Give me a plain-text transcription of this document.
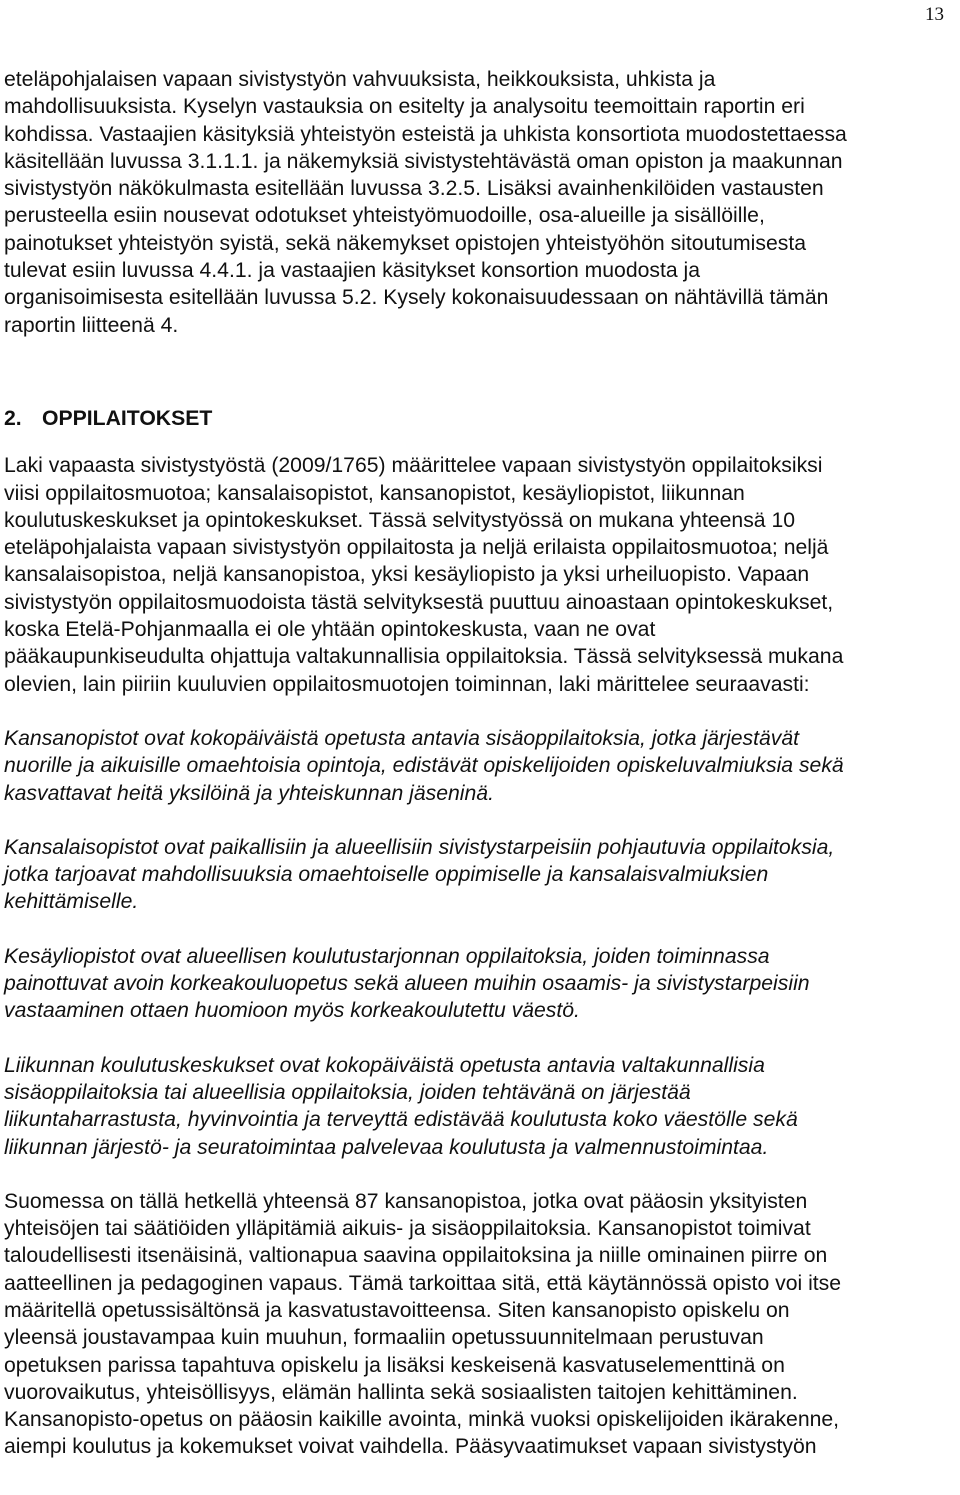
13

eteläpohjalaisen vapaan sivistystyön vahvuuksista, heikkouksista, uhkista ja
mahdollisuuksista. Kyselyn vastauksia on esitelty ja analysoitu teemoittain raportin eri
kohdissa. Vastaajien käsityksiä yhteistyön esteistä ja uhkista konsortiota muodostettaessa
käsitellään luvussa 3.1.1.1. ja näkemyksiä sivistystehtävästä oman opiston ja maakunnan
sivistystyön näkökulmasta esitellään luvussa 3.2.5. Lisäksi avainhenkilöiden vastausten
perusteella esiin nousevat odotukset yhteistyömuodoille, osa-alueille ja sisällöille,
painotukset yhteistyön syistä, sekä näkemykset opistojen yhteistyöhön sitoutumisesta
tulevat esiin luvussa 4.4.1. ja vastaajien käsitykset konsortion muodosta ja
organisoimisesta esitellään luvussa 5.2. Kysely kokonaisuudessaan on nähtävillä tämän
raportin liitteenä 4.

2. OPPILAITOKSET

Laki vapaasta sivistystyöstä (2009/1765) määrittelee vapaan sivistystyön oppilaitoksiksi
viisi oppilaitosmuotoa; kansalaisopistot, kansanopistot, kesäyliopistot, liikunnan
koulutuskeskukset ja opintokeskukset. Tässä selvitystyössä on mukana yhteensä 10
eteläpohjalaista vapaan sivistystyön oppilaitosta ja neljä erilaista oppilaitosmuotoa; neljä
kansalaisopistoa, neljä kansanopistoa, yksi kesäyliopisto ja yksi urheiluopisto. Vapaan
sivistystyön oppilaitosmuodoista tästä selvityksestä puuttuu ainoastaan opintokeskukset,
koska Etelä-Pohjanmaalla ei ole yhtään opintokeskusta, vaan ne ovat
pääkaupunkiseudulta ohjattuja valtakunnallisia oppilaitoksia. Tässä selvityksessä mukana
olevien, lain piiriin kuuluvien oppilaitosmuotojen toiminnan, laki märittelee seuraavasti:

Kansanopistot ovat kokopäiväistä opetusta antavia sisäoppilaitoksia, jotka järjestävät
nuorille ja aikuisille omaehtoisia opintoja, edistävät opiskelijoiden opiskeluvalmiuksia sekä
kasvattavat heitä yksilöinä ja yhteiskunnan jäseninä.

Kansalaisopistot ovat paikallisiin ja alueellisiin sivistystarpeisiin pohjautuvia oppilaitoksia,
jotka tarjoavat mahdollisuuksia omaehtoiselle oppimiselle ja kansalaisvalmiuksien
kehittämiselle.

Kesäyliopistot ovat alueellisen koulutustarjonnan oppilaitoksia, joiden toiminnassa
painottuvat avoin korkeakouluopetus sekä alueen muihin osaamis- ja sivistystarpeisiin
vastaaminen ottaen huomioon myös korkeakoulutettu väestö.

Liikunnan koulutuskeskukset ovat kokopäiväistä opetusta antavia valtakunnallisia
sisäoppilaitoksia tai alueellisia oppilaitoksia, joiden tehtävänä on järjestää
liikuntaharrastusta, hyvinvointia ja terveyttä edistävää koulutusta koko väestölle sekä
liikunnan järjestö- ja seuratoimintaa palvelevaa koulutusta ja valmennustoimintaa.

Suomessa on tällä hetkellä yhteensä 87 kansanopistoa, jotka ovat pääosin yksityisten
yhteisöjen tai säätiöiden ylläpitämiä aikuis- ja sisäoppilaitoksia. Kansanopistot toimivat
taloudellisesti itsenäisinä, valtionapua saavina oppilaitoksina ja niille ominainen piirre on
aatteellinen ja pedagoginen vapaus. Tämä tarkoittaa sitä, että käytännössä opisto voi itse
määritellä opetussisältönsä ja kasvatustavoitteensa. Siten kansanopisto opiskelu on
yleensä joustavampaa kuin muuhun, formaaliin opetussuunnitelmaan perustuvan
opetuksen parissa tapahtuva opiskelu ja lisäksi keskeisenä kasvatuselementtinä on
vuorovaikutus, yhteisöllisyys, elämän hallinta sekä sosiaalisten taitojen kehittäminen.
Kansanopisto-opetus on pääosin kaikille avointa, minkä vuoksi opiskelijoiden ikärakenne,
aiempi koulutus ja kokemukset voivat vaihdella. Pääsyvaatimukset vapaan sivistystyön
